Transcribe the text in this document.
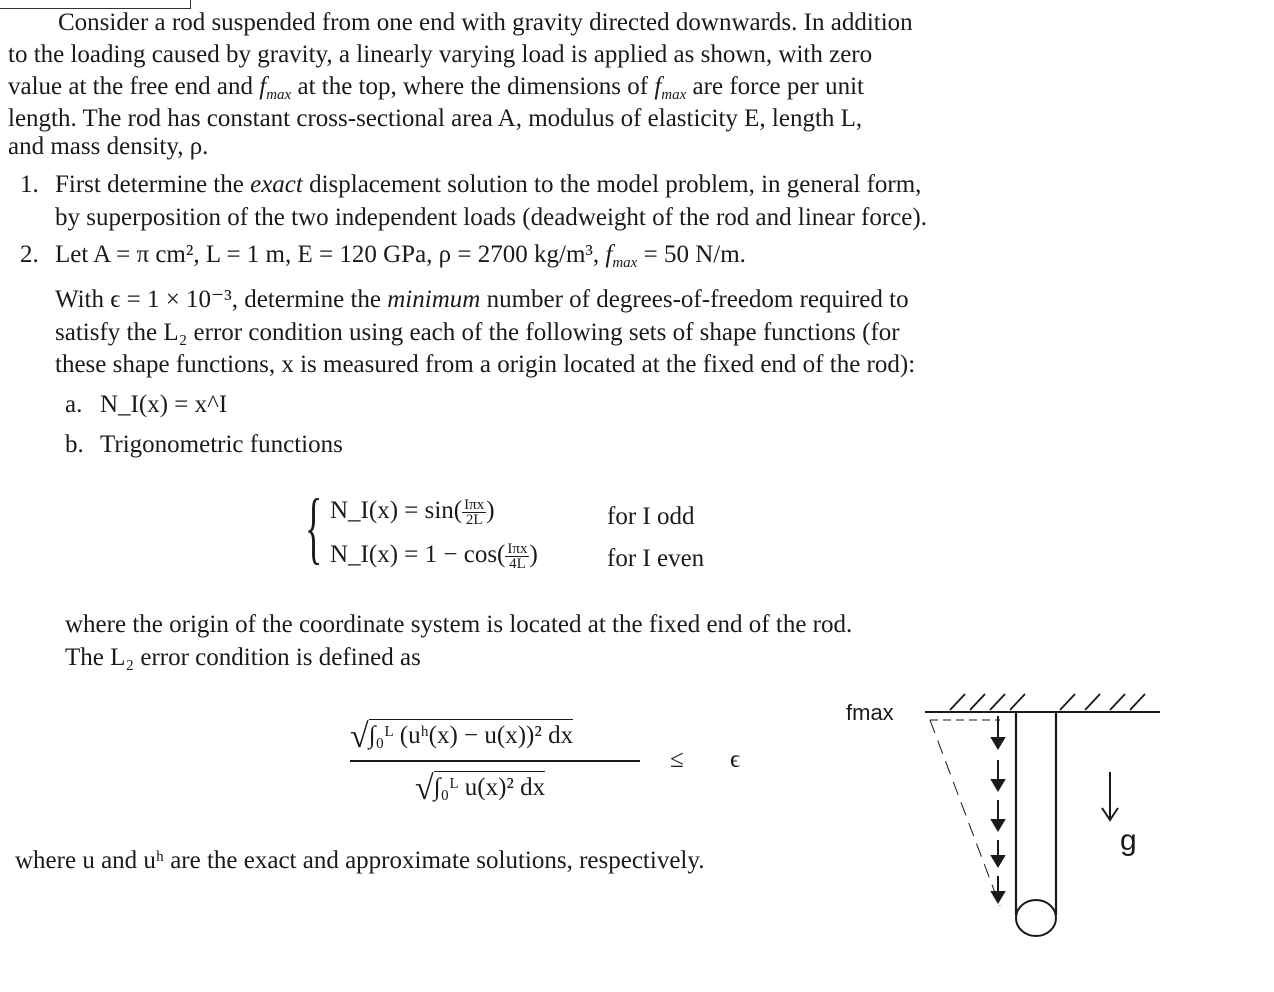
Consider a rod suspended from one end with gravity directed downwards. In addition
to the loading caused by gravity, a linearly varying load is applied as shown, with zero
value at the free end and $f_{max}$ at the top, where the dimensions of $f_{max}$ are force per unit
length. The rod has constant cross-sectional area A, modulus of elasticity E, length L,
and mass density, ρ.
1. First determine the exact displacement solution to the model problem, in general form,
by superposition of the two independent loads (deadweight of the rod and linear force).
2. Let A = π cm², L = 1 m, E = 120 GPa, ρ = 2700 kg/m³, $f_{max} = 50$ N/m.
With ϵ = 1 × 10⁻³, determine the minimum number of degrees-of-freedom required to
satisfy the L₂ error condition using each of the following sets of shape functions (for
these shape functions, x is measured from a origin located at the fixed end of the rod):
a. N_I(x) = x^I
b. Trigonometric functions
{ N_I(x) = $\sin( \frac{\text{Iπx}}{2L}$ )	for I odd
N_I(x) = $1 - \cos( \frac{\text{Iπx}}{4L}$ )	for I even
where the origin of the coordinate system is located at the fixed end of the rod.
The L₂ error condition is defined as
√∫₀ᴸ (uʰ(x) − u(x))² dx
√∫₀ᴸ u(x)² dx
≤ ϵ
where u and uʰ are the exact and approximate solutions, respectively.
fmax
g
